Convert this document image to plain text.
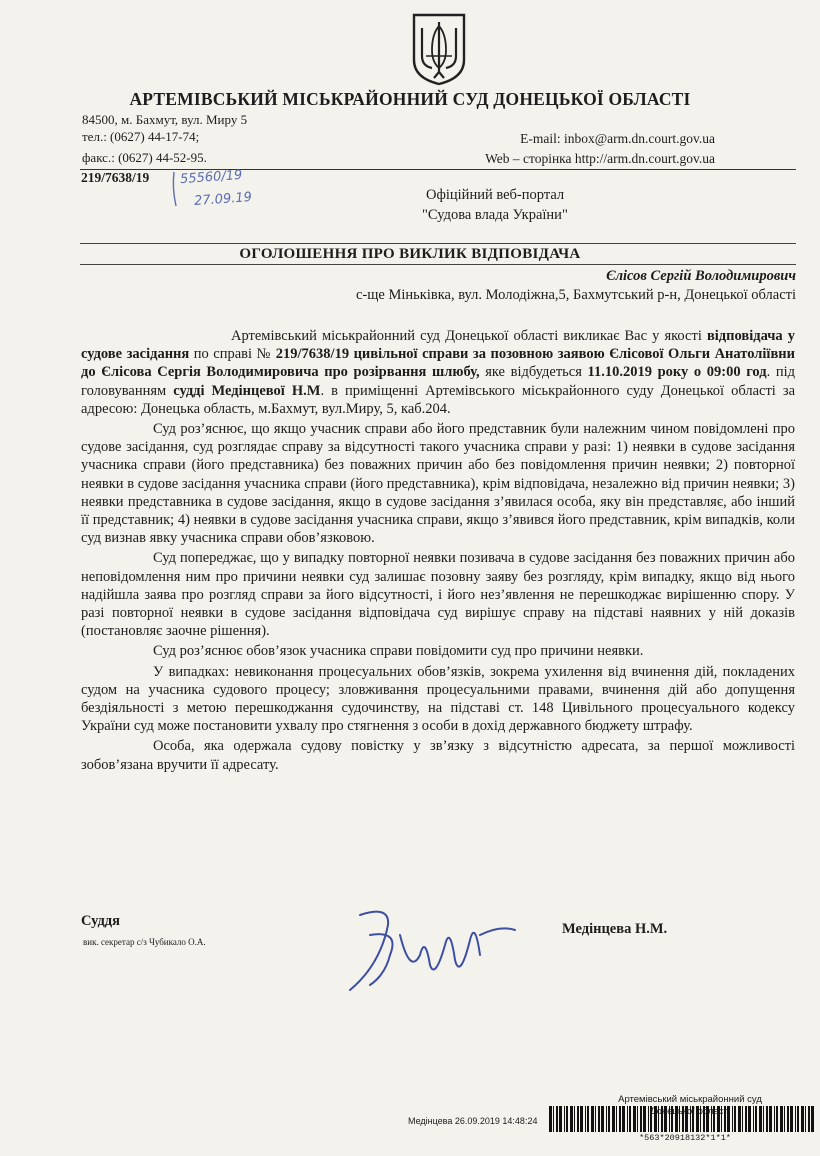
АРТЕМІВСЬКИЙ МІСЬКРАЙОННИЙ СУД ДОНЕЦЬКОЇ ОБЛАСТІ
84500, м. Бахмут, вул. Миру 5
тел.: (0627) 44-17-74;
факс.: (0627) 44-52-95.
E-mail: inbox@arm.dn.court.gov.ua
Web – сторінка http://arm.dn.court.gov.ua
219/7638/19 55560/19
27.09.19	Офіційний веб-портал
"Судова влада України"
ОГОЛОШЕННЯ ПРО ВИКЛИК ВІДПОВІДАЧА
Єлісов Сергій Володимирович
с-ще Міньківка, вул. Молодіжна,5, Бахмутський р-н, Донецької області

Артемівський міськрайонний суд Донецької області викликає Вас у якості відповідача у судове засідання по справі № 219/7638/19 цивільної справи за позовною заявою Єлісової Ольги Анатоліївни до Єлісова Сергія Володимировича про розірвання шлюбу, яке відбудеться 11.10.2019 року о 09:00 год. під головуванням судді Медінцевої Н.М. в приміщенні Артемівського міськрайонного суду Донецької області за адресою: Донецька область, м.Бахмут, вул.Миру, 5, каб.204.

Суд роз’яснює, що якщо учасник справи або його представник були належним чином повідомлені про судове засідання, суд розглядає справу за відсутності такого учасника справи у разі: 1) неявки в судове засідання учасника справи (його представника) без поважних причин або без повідомлення причин неявки; 2) повторної неявки в судове засідання учасника справи (його представника), крім відповідача, незалежно від причин неявки; 3) неявки представника в судове засідання, якщо в судове засідання з’явилася особа, яку він представляє, або інший її представник; 4) неявки в судове засідання учасника справи, якщо з’явився його представник, крім випадків, коли суд визнав явку учасника справи обов’язковою.

Суд попереджає, що у випадку повторної неявки позивача в судове засідання без поважних причин або неповідомлення ним про причини неявки суд залишає позовну заяву без розгляду, крім випадку, якщо від нього надійшла заява про розгляд справи за його відсутності, і його нез’явлення не перешкоджає вирішенню спору. У разі повторної неявки в судове засідання відповідача суд вирішує справу на підставі наявних у ній доказів (постановляє заочне рішення).

Суд роз’яснює обов’язок учасника справи повідомити суд про причини неявки.

У випадках: невиконання процесуальних обов’язків, зокрема ухилення від вчинення дій, покладених судом на учасника судового процесу; зловживання процесуальними правами, вчинення дій або допущення бездіяльності з метою перешкоджання судочинству, на підставі ст. 148 Цивільного процесуального кодексу України суд може постановити ухвалу про стягнення з особи в дохід державного бюджету штрафу.

Особа, яка одержала судову повістку у зв’язку з відсутністю адресата, за першої можливості зобов’язана вручити її адресату.

Суддя
вик. секретар с/з Чубикало О.А.
Медінцева Н.М.
Артемівський міськрайонний суд
Медінцева 26.09.2019 14:48:24
*563*20918132*1*1*
